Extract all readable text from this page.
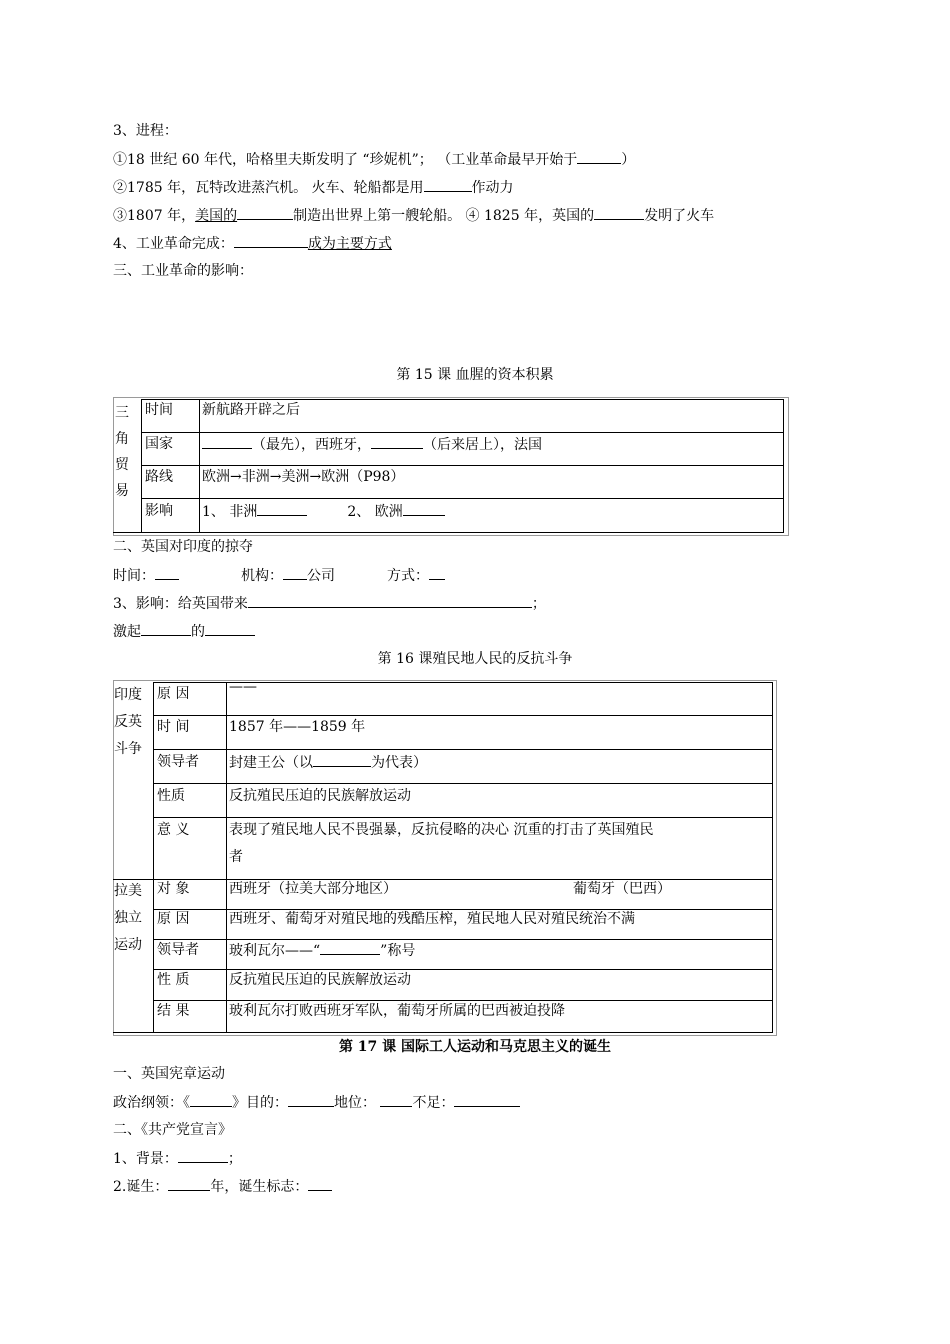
3、进程：
①18 世纪 60 年代，哈格里夫斯发明了 “珍妮机”； （工业革命最早开始于	）
②1785 年，瓦特改进蒸汽机。 火车、轮船都是用	作动力
③1807 年，美国的	制造出世界上第一艘轮船。 ④ 1825 年，英国的	发明了火车
4、工业革命完成：	成为主要方式
三、工业革命的影响：
第 15 课 血腥的资本积累
三角贸易
时间 新航路开辟之后
国家	（最先），西班牙，	（后来居上），法国
路线 欧洲→非洲→美洲→欧洲（P98）
影响 1、 非洲	2、 欧洲
二、英国对印度的掠夺
时间：	机构： 公司	方式：
3、影响：给英国带来	；
激起	的
第 16 课殖民地人民的反抗斗争
印度反英斗争
拉美独立运动
原 因	——
时 间	1857 年——1859 年
领导者 封建王公（以	为代表）
性质	反抗殖民压迫的民族解放运动
意 义	表现了殖民地人民不畏强暴，反抗侵略的决心 沉重的打击了英国殖民
者
对 象	西班牙（拉美大部分地区）	葡萄牙（巴西）
原 因	西班牙、葡萄牙对殖民地的残酷压榨，殖民地人民对殖民统治不满
领导者 玻利瓦尔——“	”称号
性 质	反抗殖民压迫的民族解放运动
结 果	玻利瓦尔打败西班牙军队，葡萄牙所属的巴西被迫投降
第 17 课 国际工人运动和马克思主义的诞生
一、英国宪章运动
政治纲领：《	》目的：	地位： 不足：
二、《共产党宣言》
1、背景：	；
2.诞生：	年，诞生标志：
